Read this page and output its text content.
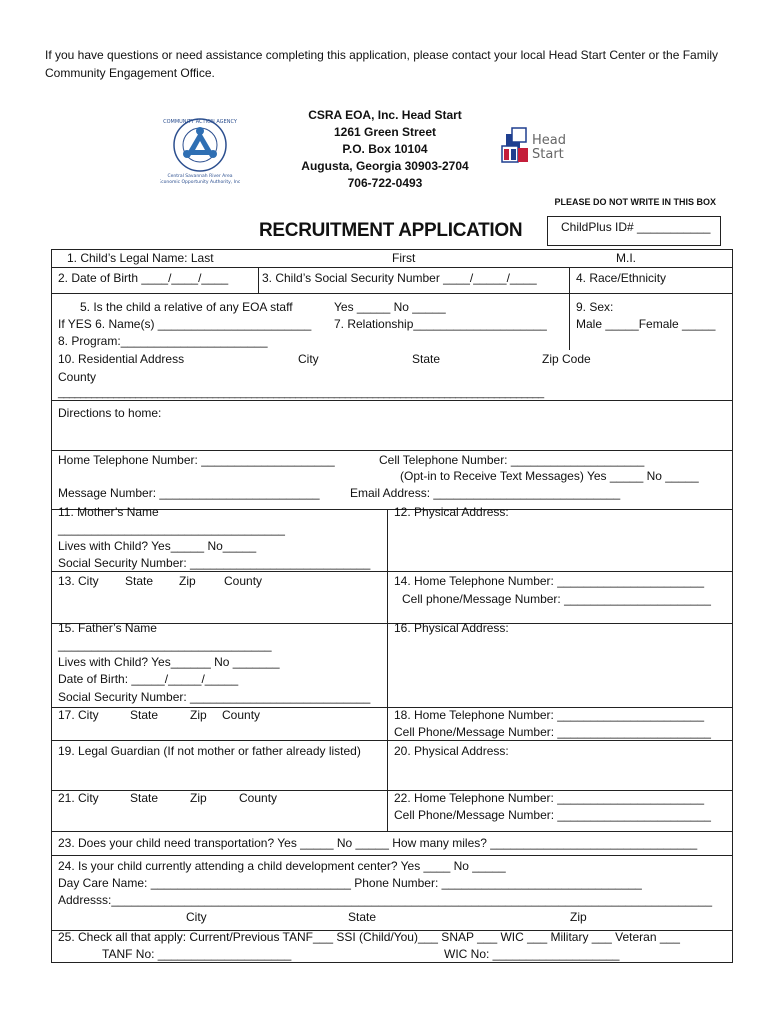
If you have questions or need assistance completing this application, please contact your local Head Start Center or the Family Community Engagement Office.
COMMUNITY ACTION AGENCY
Central Savannah River Area
Economic Opportunity Authority, Inc.
CSRA EOA, Inc. Head Start
1261 Green Street
P.O. Box 10104
Augusta, Georgia 30903-2704
706-722-0493
Head
Start
PLEASE DO NOT WRITE IN THIS BOX
RECRUITMENT APPLICATION	ChildPlus ID# ___________
1. Child’s Legal Name: Last	First	M.I.
2. Date of Birth ____/____/____	3. Child’s Social Security Number ____/_____/____	4. Race/Ethnicity
5. Is the child a relative of any EOA staff	Yes _____ No _____	9. Sex:
If YES 6. Name(s) _______________________ 7. Relationship____________________ Male _____Female _____
8. Program:______________________
10. Residential Address	City	State	Zip Code
County
________________________________________________________________________________________
Directions to home:
Home Telephone Number: ____________________	Cell Telephone Number: ____________________
(Opt-in to Receive Text Messages) Yes _____ No _____
Message Number: ________________________	Email Address: ____________________________
11. Mother’s Name
__________________________________
Lives with Child? Yes_____ No_____
Social Security Number: ___________________________
12. Physical Address:
13. City State Zip County	14. Home Telephone Number: ______________________
Cell phone/Message Number: ______________________
15. Father’s Name
________________________________
Lives with Child? Yes______ No _______
Date of Birth: _____/_____/_____
Social Security Number: ___________________________
16. Physical Address:
17. City	State	Zip County	18. Home Telephone Number: ______________________
Cell Phone/Message Number: _______________________
19. Legal Guardian (If not mother or father already listed)	20. Physical Address:
21. City	State	Zip	County	22. Home Telephone Number: ______________________
Cell Phone/Message Number: _______________________
23. Does your child need transportation? Yes _____ No _____ How many miles? _______________________________
24. Is your child currently attending a child development center? Yes ____ No _____
Day Care Name: ______________________________ Phone Number: ______________________________
Addresss:__________________________________________________________________________________________
City	State	Zip
25. Check all that apply: Current/Previous TANF___ SSI (Child/You)___ SNAP ___ WIC ___ Military ___ Veteran ___
TANF No: ____________________	WIC No: ___________________
